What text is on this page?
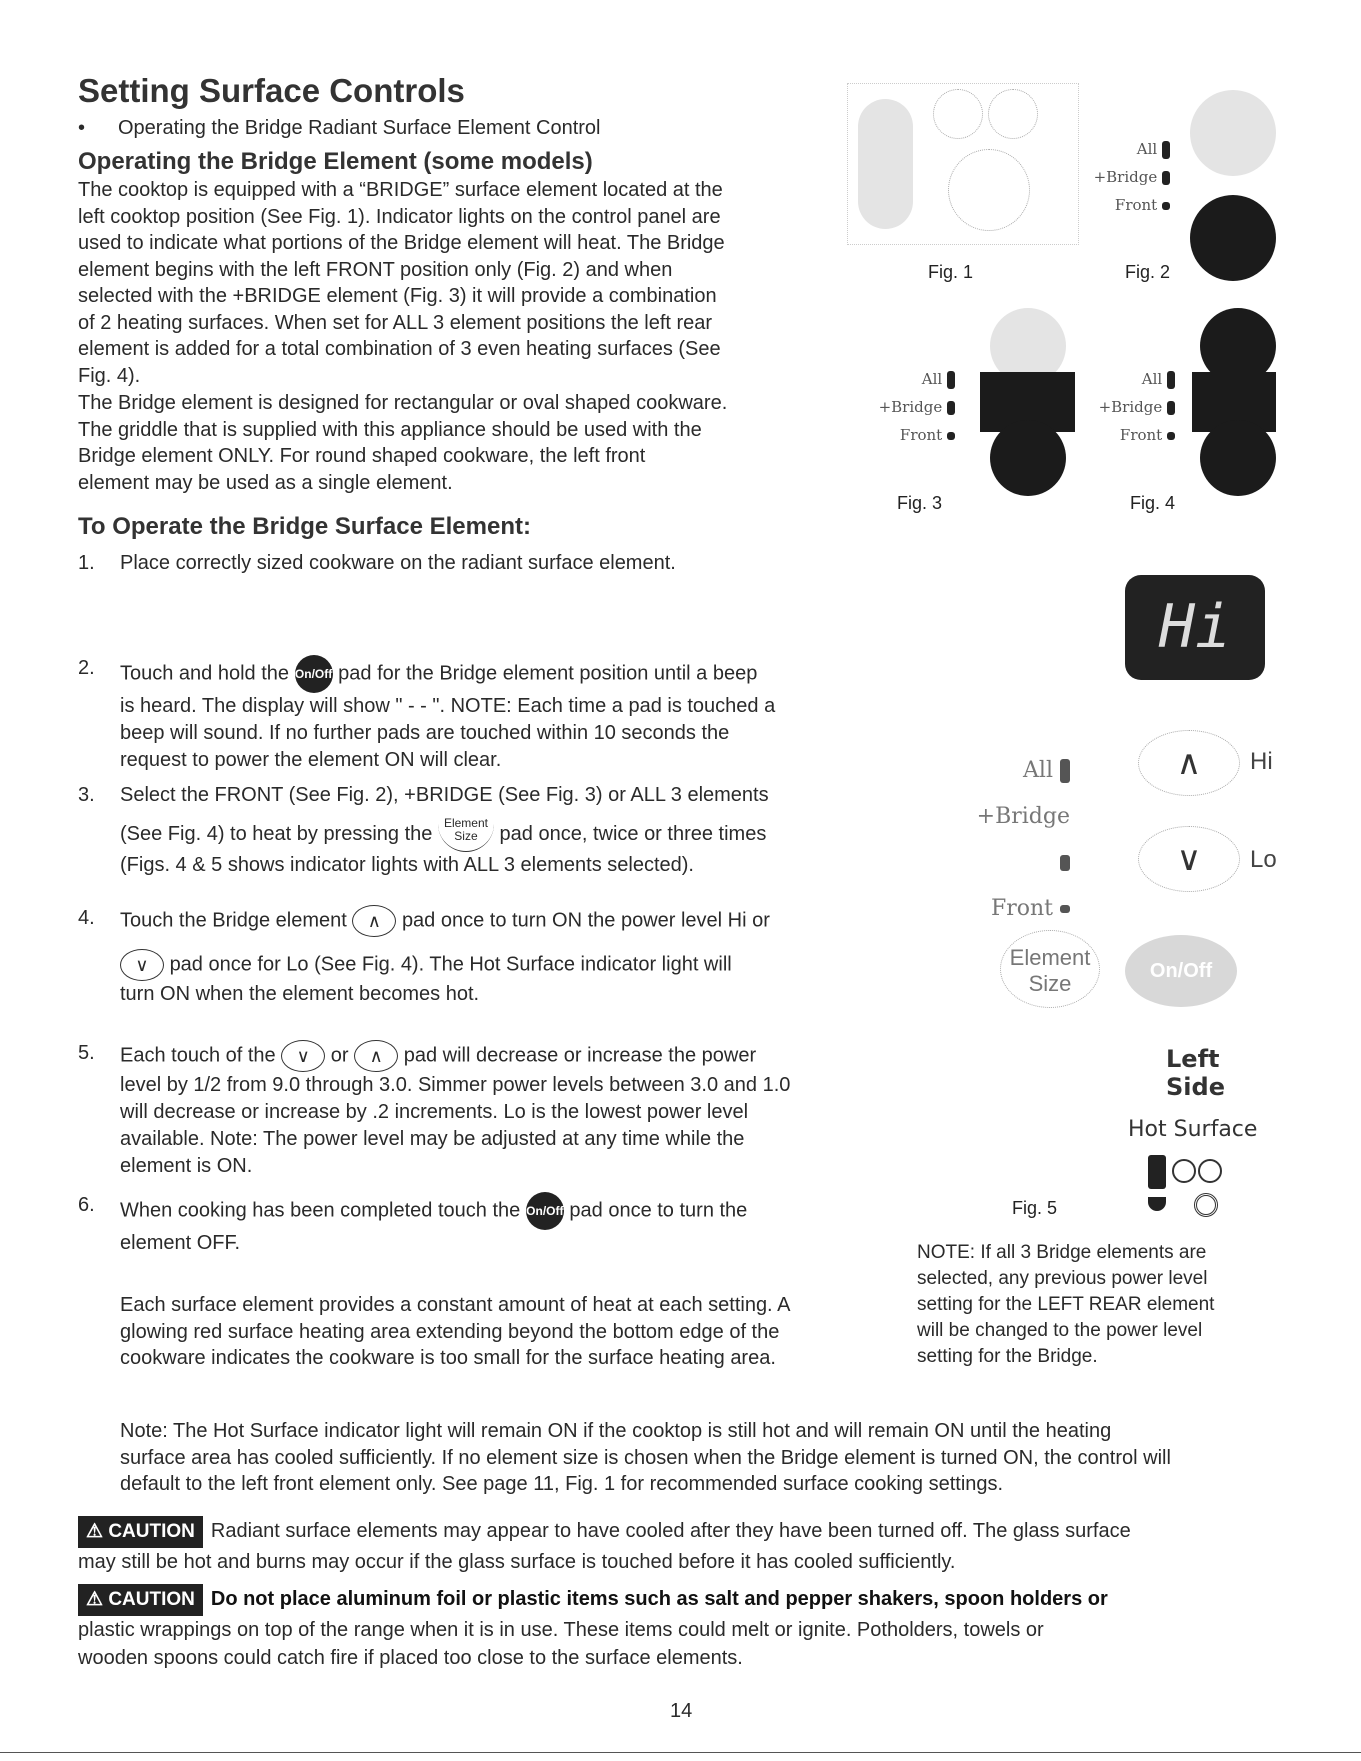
Setting Surface Controls
• Operating the Bridge Radiant Surface Element Control
Operating the Bridge Element (some models)
The cooktop is equipped with a “BRIDGE” surface element located at the
left cooktop position (See Fig. 1). Indicator lights on the control panel are
used to indicate what portions of the Bridge element will heat. The Bridge
element begins with the left FRONT position only (Fig. 2) and when
selected with the +BRIDGE element (Fig. 3) it will provide a combination
of 2 heating surfaces. When set for ALL 3 element positions the left rear
element is added for a total combination of 3 even heating surfaces (See
Fig. 4).
The Bridge element is designed for rectangular or oval shaped cookware.
The griddle that is supplied with this appliance should be used with the
Bridge element ONLY. For round shaped cookware, the left front
element may be used as a single element.
To Operate the Bridge Surface Element:
1. Place correctly sized cookware on the radiant surface element.
2. Touch and hold the On/Off pad for the Bridge element position until a beep
is heard. The display will show " - - ". NOTE: Each time a pad is touched a
beep will sound. If no further pads are touched within 10 seconds the
request to power the element ON will clear.
3. Select the FRONT (See Fig. 2), +BRIDGE (See Fig. 3) or ALL 3 elements
(See Fig. 4) to heat by pressing the Element
Size pad once, twice or three times
(Figs. 4 & 5 shows indicator lights with ALL 3 elements selected).
4. Touch the Bridge element ∧ pad once to turn ON the power level Hi or
∨ pad once for Lo (See Fig. 4). The Hot Surface indicator light will
turn ON when the element becomes hot.
5. Each touch of the ∨ or ∧ pad will decrease or increase the power
level by 1/2 from 9.0 through 3.0. Simmer power levels between 3.0 and 1.0
will decrease or increase by .2 increments. Lo is the lowest power level
available. Note: The power level may be adjusted at any time while the
element is ON.
6. When cooking has been completed touch the On/Off pad once to turn the
element OFF.
Each surface element provides a constant amount of heat at each setting. A
glowing red surface heating area extending beyond the bottom edge of the
cookware indicates the cookware is too small for the surface heating area.
Fig. 1
All
+Bridge
Front
Fig. 2
All
+Bridge
Front
Fig. 3
All
+Bridge
Front
Fig. 4
Hi
All
+Bridge
Front
∧	Hi
∨	Lo
Element Size	On/Off
Left
Side
Hot Surface
Fig. 5
NOTE: If all 3 Bridge elements are
selected, any previous power level
setting for the LEFT REAR element
will be changed to the power level
setting for the Bridge.
Note: The Hot Surface indicator light will remain ON if the cooktop is still hot and will remain ON until the heating
surface area has cooled sufficiently. If no element size is chosen when the Bridge element is turned ON, the control will
default to the left front element only. See page 11, Fig. 1 for recommended surface cooking settings.
⚠ CAUTION Radiant surface elements may appear to have cooled after they have been turned off. The glass surface
may still be hot and burns may occur if the glass surface is touched before it has cooled sufficiently.
⚠ CAUTION Do not place aluminum foil or plastic items such as salt and pepper shakers, spoon holders or
plastic wrappings on top of the range when it is in use. These items could melt or ignite. Potholders, towels or
wooden spoons could catch fire if placed too close to the surface elements.
14
